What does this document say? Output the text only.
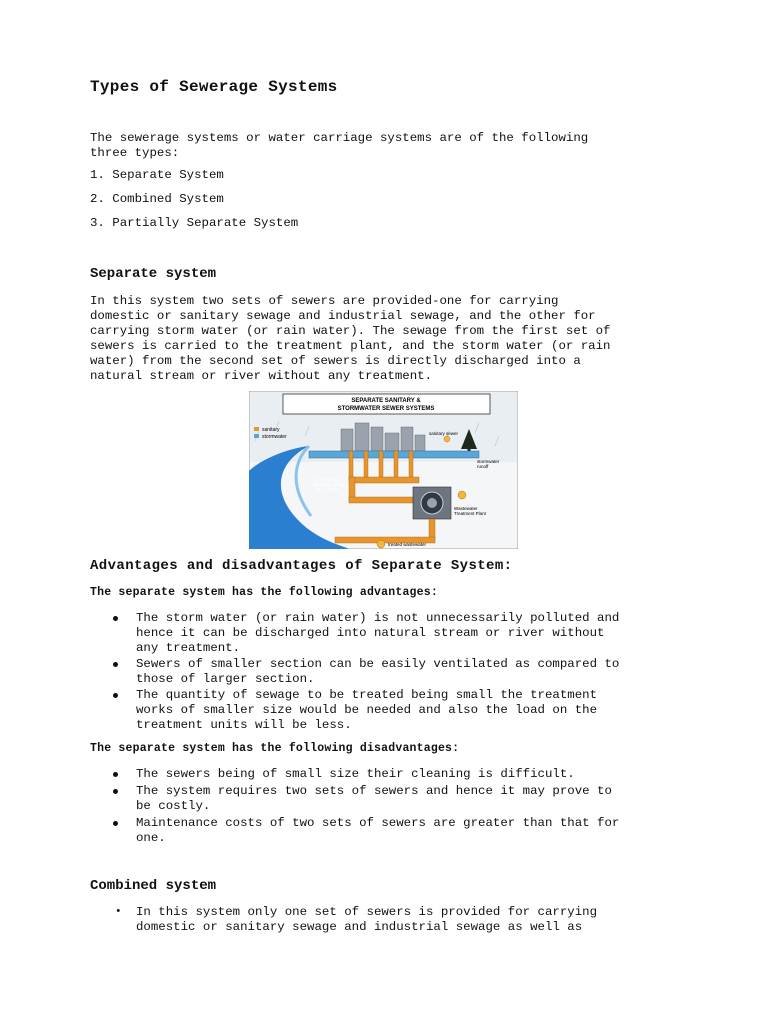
Types of Sewerage Systems
The sewerage systems or water carriage systems are of the following
three types:
1. Separate System
2. Combined System
3. Partially Separate System
Separate system
In this system two sets of sewers are provided-one for carrying
domestic or sanitary sewage and industrial sewage, and the other for
carrying storm water (or rain water). The sewage from the first set of
sewers is carried to the treatment plant, and the storm water (or rain
water) from the second set of sewers is directly discharged into a
natural stream or river without any treatment.
SEPARATE SANITARY &
STORMWATER SEWER SYSTEMS
sanitary
stormwater
sanitary sewer
stormwater
runoff
no stormwater
discharge during
dry weather
Wastewater
Treatment Plant
treated wastewater
Advantages and disadvantages of Separate System:
The separate system has the following advantages:
The storm water (or rain water) is not unnecessarily polluted and
hence it can be discharged into natural stream or river without
any treatment.
Sewers of smaller section can be easily ventilated as compared to
those of larger section.
The quantity of sewage to be treated being small the treatment
works of smaller size would be needed and also the load on the
treatment units will be less.
The separate system has the following disadvantages:
The sewers being of small size their cleaning is difficult.
The system requires two sets of sewers and hence it may prove to
be costly.
Maintenance costs of two sets of sewers are greater than that for
one.
Combined system
• In this system only one set of sewers is provided for carrying
domestic or sanitary sewage and industrial sewage as well as
